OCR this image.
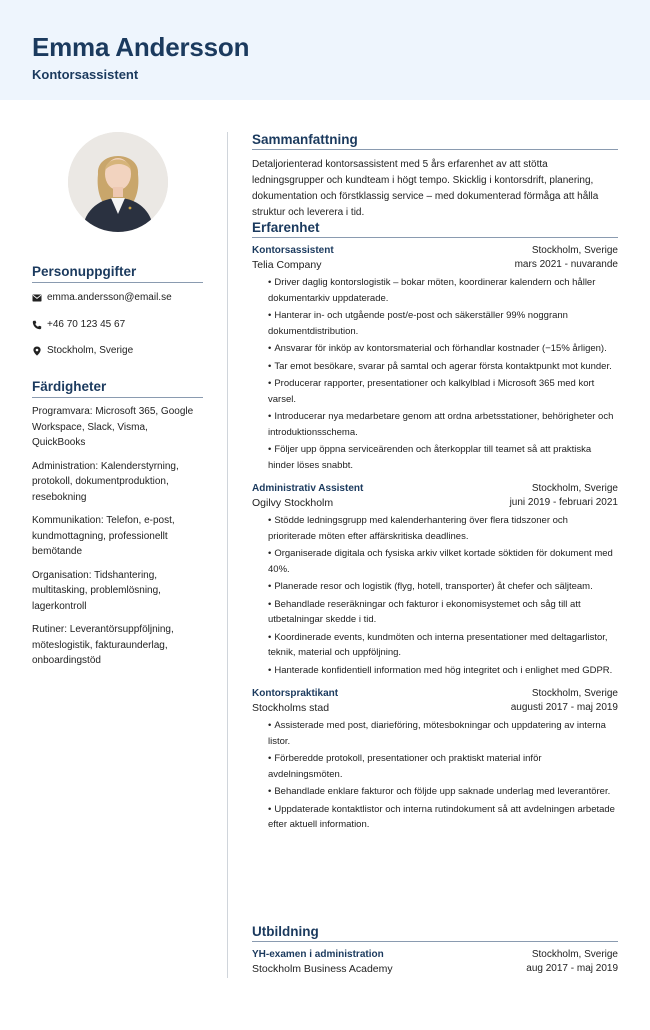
Emma Andersson
Kontorsassistent
Personuppgifter
emma.andersson@email.se
+46 70 123 45 67
Stockholm, Sverige
Färdigheter
Programvara: Microsoft 365, Google Workspace, Slack, Visma, QuickBooks
Administration: Kalenderstyrning, protokoll, dokumentproduktion, resebokning
Kommunikation: Telefon, e-post, kundmottagning, professionellt bemötande
Organisation: Tidshantering, multitasking, problemlösning, lagerkontroll
Rutiner: Leverantörsuppföljning, möteslogistik, fakturaunderlag, onboardingstöd
Sammanfattning
Detaljorienterad kontorsassistent med 5 års erfarenhet av att stötta ledningsgrupper och kundteam i högt tempo. Skicklig i kontorsdrift, planering, dokumentation och förstklassig service – med dokumenterad förmåga att hålla struktur och leverera i tid.
Erfarenhet
Kontorsassistent	Stockholm, Sverige
Telia Company	mars 2021 - nuvarande
• Driver daglig kontorslogistik – bokar möten, koordinerar kalendern och håller dokumentarkiv uppdaterade.
• Hanterar in- och utgående post/e-post och säkerställer 99% noggrann dokumentdistribution.
• Ansvarar för inköp av kontorsmaterial och förhandlar kostnader (−15% årligen).
• Tar emot besökare, svarar på samtal och agerar första kontaktpunkt mot kunder.
• Producerar rapporter, presentationer och kalkylblad i Microsoft 365 med kort varsel.
• Introducerar nya medarbetare genom att ordna arbetsstationer, behörigheter och introduktionsschema.
• Följer upp öppna serviceärenden och återkopplar till teamet så att praktiska hinder löses snabbt.
Administrativ Assistent	Stockholm, Sverige
Ogilvy Stockholm	juni 2019 - februari 2021
• Stödde ledningsgrupp med kalenderhantering över flera tidszoner och prioriterade möten efter affärskritiska deadlines.
• Organiserade digitala och fysiska arkiv vilket kortade söktiden för dokument med 40%.
• Planerade resor och logistik (flyg, hotell, transporter) åt chefer och säljteam.
• Behandlade reseräkningar och fakturor i ekonomisystemet och såg till att utbetalningar skedde i tid.
• Koordinerade events, kundmöten och interna presentationer med deltagarlistor, teknik, material och uppföljning.
• Hanterade konfidentiell information med hög integritet och i enlighet med GDPR.
Kontorspraktikant	Stockholm, Sverige
Stockholms stad	augusti 2017 - maj 2019
• Assisterade med post, diarieföring, mötesbokningar och uppdatering av interna listor.
• Förberedde protokoll, presentationer och praktiskt material inför avdelningsmöten.
• Behandlade enklare fakturor och följde upp saknade underlag med leverantörer.
• Uppdaterade kontaktlistor och interna rutindokument så att avdelningen arbetade efter aktuell information.
Utbildning
YH-examen i administration	Stockholm, Sverige
Stockholm Business Academy	aug 2017 - maj 2019
